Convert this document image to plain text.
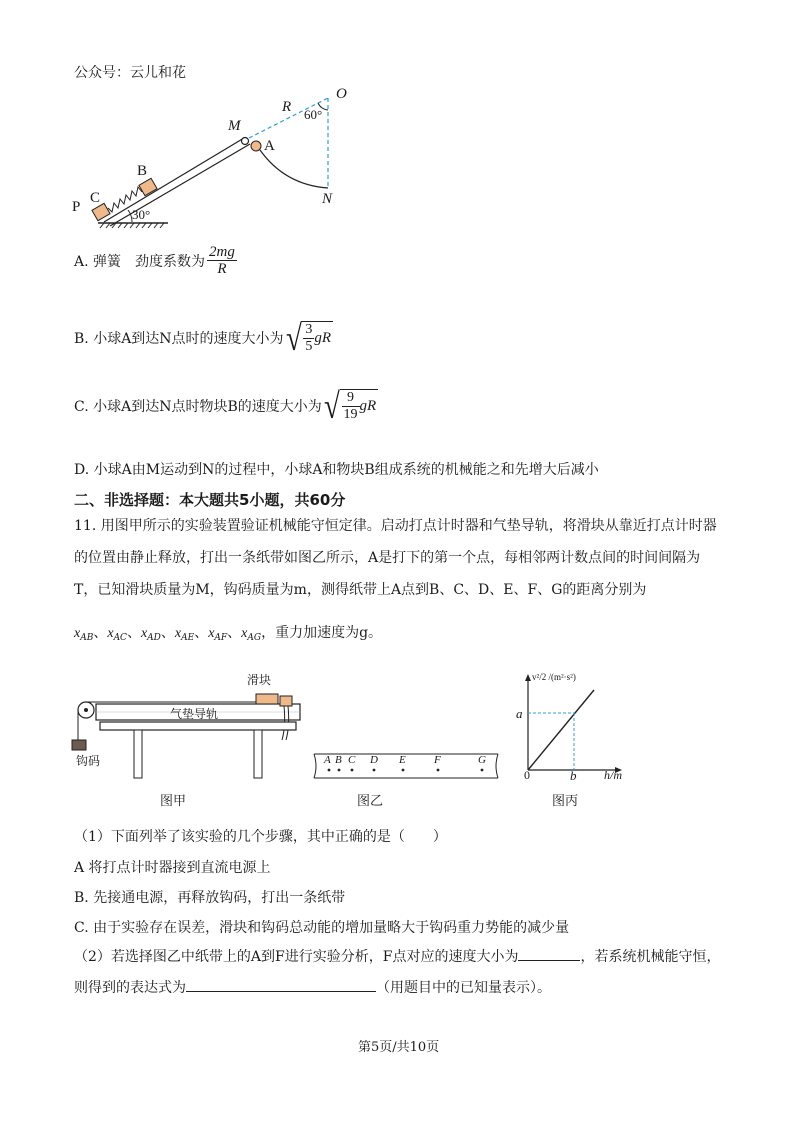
公众号：云儿和花
M
O
R 60°
A
N
B
C
P	30°
A. 弹簧　劲度系数为 $\frac{2mg}{R}$
B. 小球A到达N点时的速度大小为 √ $\frac{3}{5}$ gR
C. 小球A到达N点时物块B的速度大小为 √ $\frac{9}{19}$ gR
D. 小球A由M运动到N的过程中，小球A和物块B组成系统的机械能之和先增大后减小
二、非选择题：本大题共5小题，共60分
11. 用图甲所示的实验装置验证机械能守恒定律。启动打点计时器和气垫导轨，将滑块从靠近打点计时器
的位置由静止释放，打出一条纸带如图乙所示，A是打下的第一个点，每相邻两计数点间的时间间隔为
T，已知滑块质量为M，钩码质量为m，测得纸带上A点到B、C、D、E、F、G的距离分别为
$x_{AB}$、$x_{AC}$、$x_{AD}$、$x_{AE}$、$x_{AF}$、$x_{AG}$，重力加速度为g。
滑块
气垫导轨
钩码
图甲
A B C D E	F	G
图乙
v²/2 /(m²·s²)
a
0	b h/m
图丙
（1）下面列举了该实验的几个步骤，其中正确的是（　　）
A 将打点计时器接到直流电源上
B. 先接通电源，再释放钩码，打出一条纸带
C. 由于实验存在误差，滑块和钩码总动能的增加量略大于钩码重力势能的减少量
（2）若选择图乙中纸带上的A到F进行实验分析，F点对应的速度大小为	，若系统机械能守恒，
则得到的表达式为	（用题目中的已知量表示）。
第5页/共10页
